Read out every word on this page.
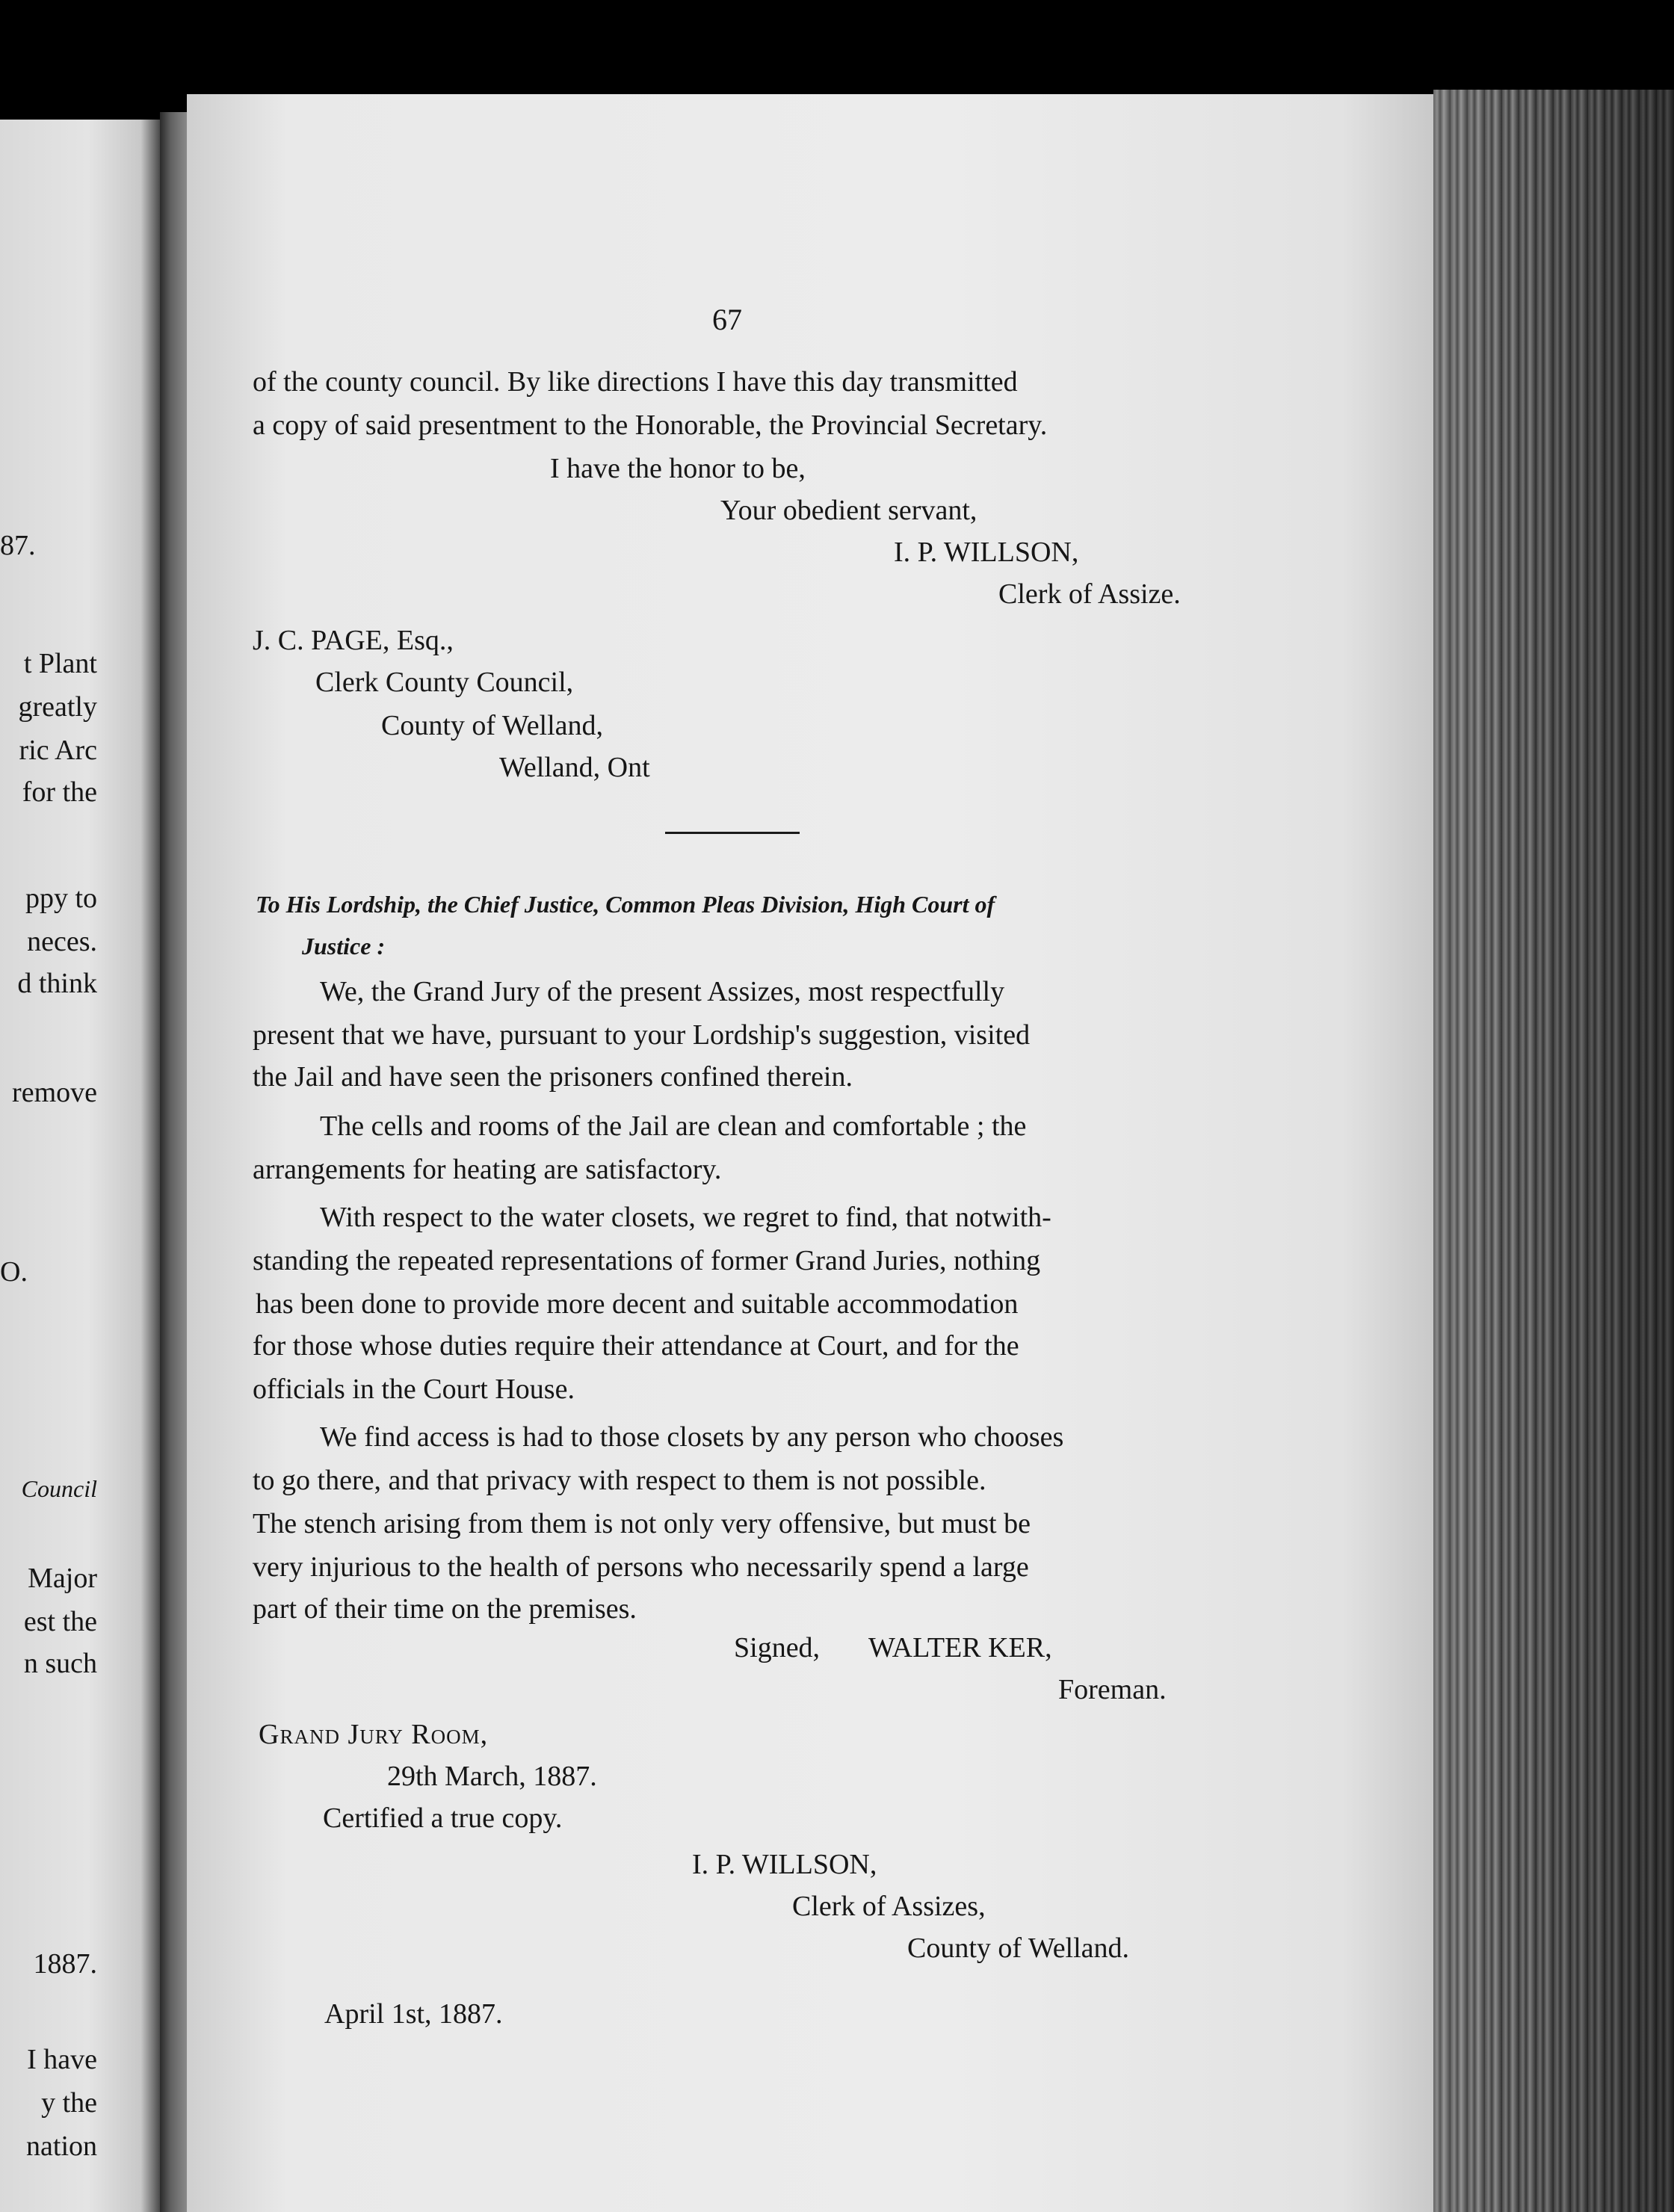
87.
t Plant
greatly
ric Arc
for the
ppy to
neces.
d think
remove
O.
Council
Major
est the
n such
1887.
I have
y the
nation
67
of the county council. By like directions I have this day transmitted
a copy of said presentment to the Honorable, the Provincial Secretary.
I have the honor to be,
Your obedient servant,
I. P. WILLSON,
Clerk of Assize.
J. C. PAGE, Esq.,
Clerk County Council,
County of Welland,
Welland, Ont
To His Lordship, the Chief Justice, Common Pleas Division, High Court of
Justice :
We, the Grand Jury of the present Assizes, most respectfully
present that we have, pursuant to your Lordship's suggestion, visited
the Jail and have seen the prisoners confined therein.
The cells and rooms of the Jail are clean and comfortable ; the
arrangements for heating are satisfactory.
With respect to the water closets, we regret to find, that notwith-
standing the repeated representations of former Grand Juries, nothing
has been done to provide more decent and suitable accommodation
for those whose duties require their attendance at Court, and for the
officials in the Court House.
We find access is had to those closets by any person who chooses
to go there, and that privacy with respect to them is not possible.
The stench arising from them is not only very offensive, but must be
very injurious to the health of persons who necessarily spend a large
part of their time on the premises.
Signed, WALTER KER,
Foreman.
Grand Jury Room,
29th March, 1887.
Certified a true copy.
I. P. WILLSON,
Clerk of Assizes,
County of Welland.
April 1st, 1887.
